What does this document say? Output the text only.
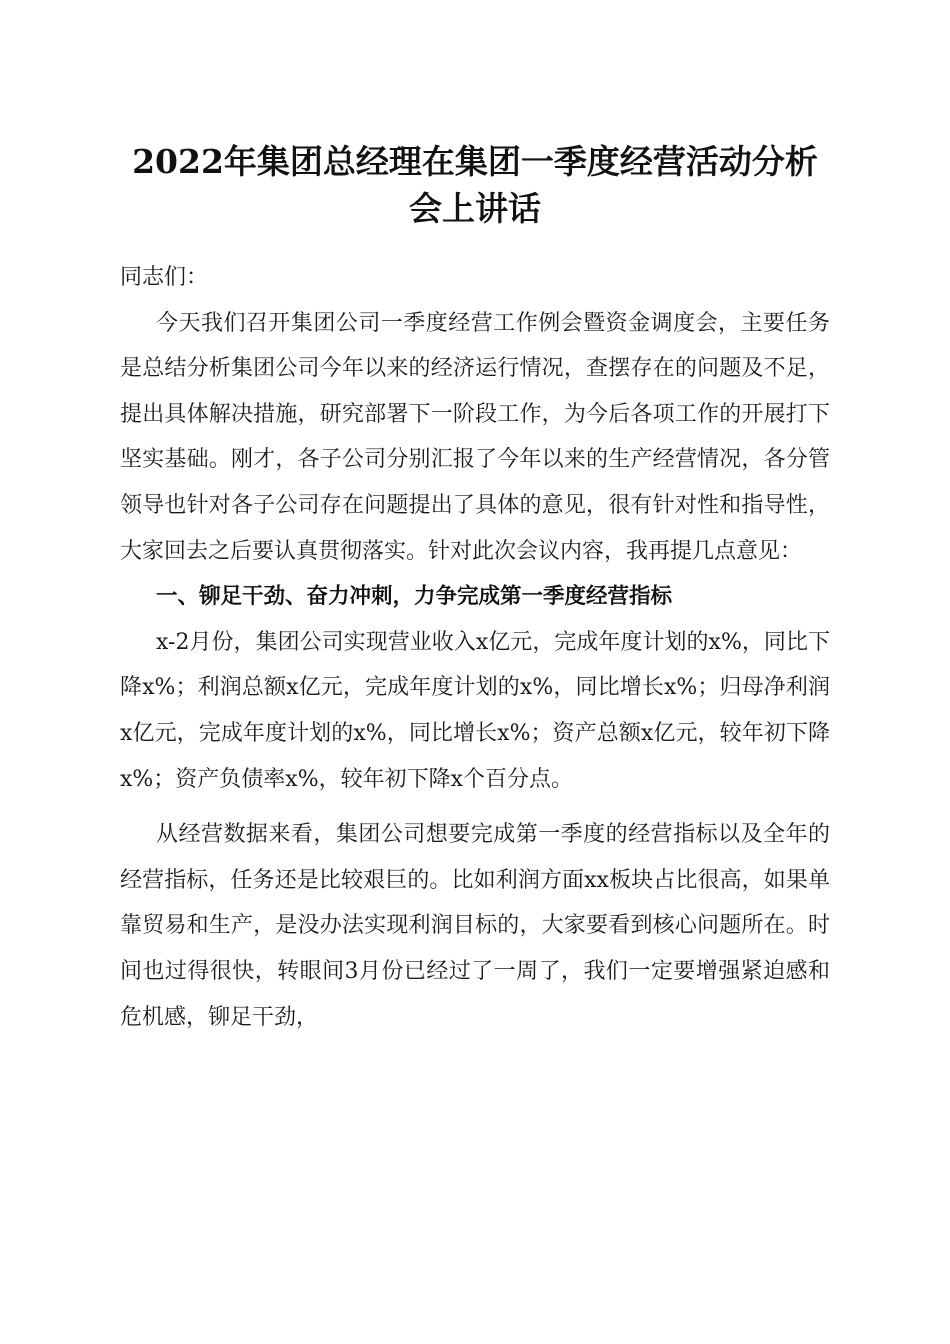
2022年集团总经理在集团一季度经营活动分析会上讲话

同志们：

今天我们召开集团公司一季度经营工作例会暨资金调度会，主要任务是总结分析集团公司今年以来的经济运行情况，查摆存在的问题及不足，提出具体解决措施，研究部署下一阶段工作，为今后各项工作的开展打下坚实基础。刚才，各子公司分别汇报了今年以来的生产经营情况，各分管领导也针对各子公司存在问题提出了具体的意见，很有针对性和指导性，大家回去之后要认真贯彻落实。针对此次会议内容，我再提几点意见：

一、铆足干劲、奋力冲刺，力争完成第一季度经营指标

x-2月份，集团公司实现营业收入x亿元，完成年度计划的x%，同比下降x%；利润总额x亿元，完成年度计划的x%，同比增长x%；归母净利润x亿元，完成年度计划的x%，同比增长x%；资产总额x亿元，较年初下降x%；资产负债率x%，较年初下降x个百分点。

从经营数据来看，集团公司想要完成第一季度的经营指标以及全年的经营指标，任务还是比较艰巨的。比如利润方面xx板块占比很高，如果单靠贸易和生产，是没办法实现利润目标的，大家要看到核心问题所在。时间也过得很快，转眼间3月份已经过了一周了，我们一定要增强紧迫感和危机感，铆足干劲，
